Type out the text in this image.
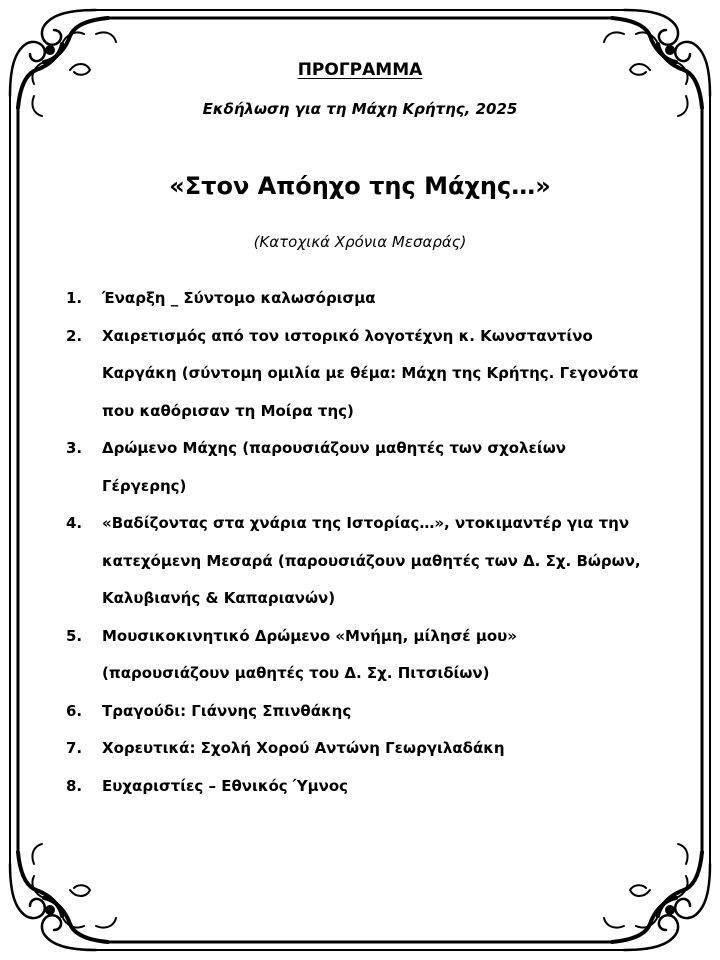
ΠΡΟΓΡΑΜΜΑ
Εκδήλωση για τη Μάχη Κρήτης, 2025
«Στον Απόηχο της Μάχης…»
(Κατοχικά Χρόνια Μεσαράς)
1.	Έναρξη _ Σύντομο καλωσόρισμα
2.	Χαιρετισμός από τον ιστορικό λογοτέχνη κ. Κωνσταντίνο Καργάκη (σύντομη ομιλία με θέμα: Μάχη της Κρήτης. Γεγονότα που καθόρισαν τη Μοίρα της)
3.	Δρώμενο Μάχης (παρουσιάζουν μαθητές των σχολείων Γέργερης)
4.	«Βαδίζοντας στα χνάρια της Ιστορίας…», ντοκιμαντέρ για την κατεχόμενη Μεσαρά (παρουσιάζουν μαθητές των Δ. Σχ. Βώρων, Καλυβιανής & Καπαριανών)
5.	Μουσικοκινητικό Δρώμενο «Μνήμη, μίλησέ μου» (παρουσιάζουν μαθητές του Δ. Σχ. Πιτσιδίων)
6.	Τραγούδι: Γιάννης Σπινθάκης
7.	Χορευτικά: Σχολή Χορού Αντώνη Γεωργιλαδάκη
8.	Ευχαριστίες – Εθνικός Ύμνος
